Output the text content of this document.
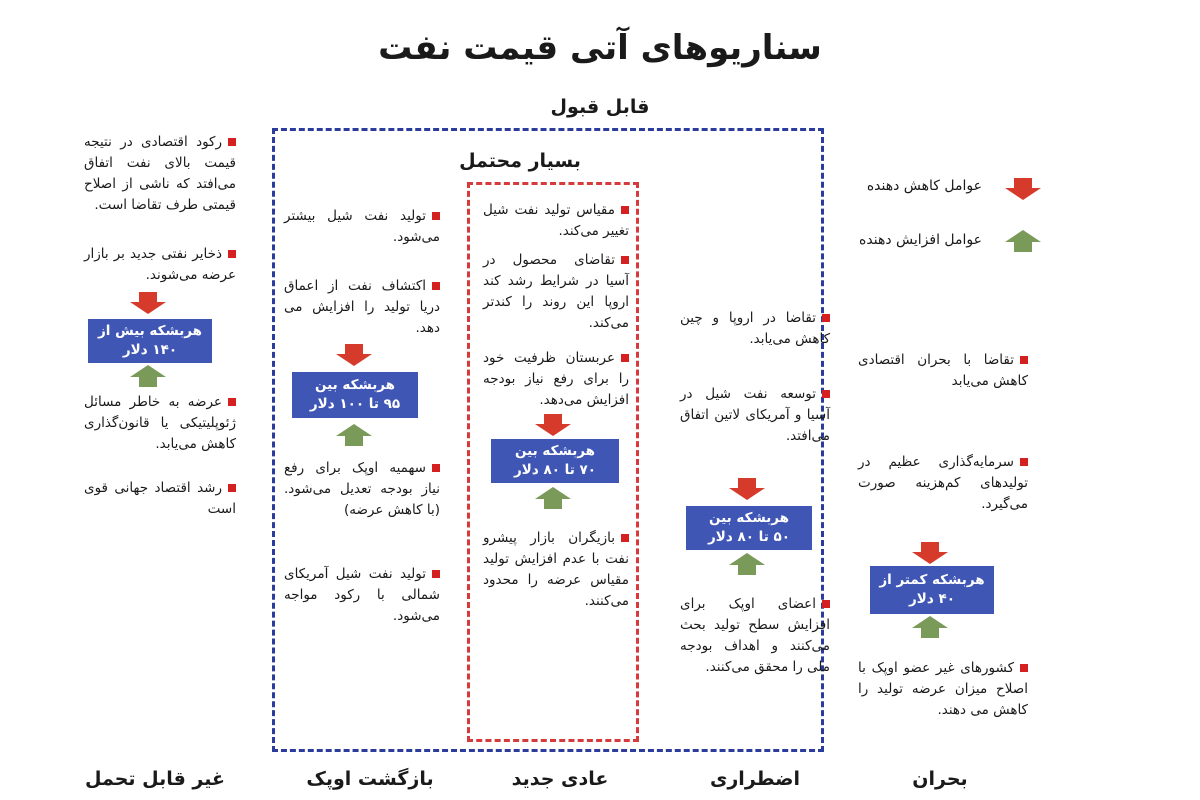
سناریوهای آتی قیمت نفت
قابل قبول
بسیار محتمل
عوامل کاهش دهنده
عوامل افزایش دهنده
تقاضا با بحران اقتصادی کاهش می‌یابد
سرمایه‌گذاری عظیم در تولیدهای کم‌هزینه صورت می‌گیرد.
هربشکه کمتر از
۴۰ دلار
کشورهای غیر عضو اوپک با اصلاح میزان عرضه تولید را کاهش می دهند.
بحران
تقاضا در اروپا و چین کاهش می‌یابد.
توسعه نفت شیل در آسیا و آمریکای لاتین اتفاق می‌افتد.
هربشکه بین
۵۰ تا ۸۰ دلار
اعضای اوپک برای افزایش سطح تولید بحث می‌کنند و اهداف بودجه ملی را محقق می‌کنند.
اضطراری
مقیاس تولید نفت شیل تغییر می‌کند.
تقاضای محصول در آسیا در شرایط رشد کند اروپا این روند را کندتر می‌کند.
عربستان ظرفیت خود را برای رفع نیاز بودجه افزایش می‌دهد.
هربشکه بین
۷۰ تا ۸۰ دلار
بازیگران بازار پیشرو نفت با عدم افزایش تولید مقیاس عرضه را محدود می‌کنند.
عادی جدید
تولید نفت شیل بیشتر می‌شود.
اکتشاف نفت از اعماق دریا تولید را افزایش می دهد.
هربشکه بین
۹۵ تا ۱۰۰ دلار
سهمیه اوپک برای رفع نیاز بودجه تعدیل می‌شود. (با کاهش عرضه)
تولید نفت شیل آمریکای شمالی با رکود مواجه می‌شود.
بازگشت اوپک
رکود اقتصادی در نتیجه قیمت بالای نفت اتفاق می‌افتد که ناشی از اصلاح قیمتی طرف تقاضا است.
ذخایر نفتی جدید بر بازار عرضه می‌شوند.
هربشکه بیش از
۱۴۰ دلار
عرضه به خاطر مسائل ژئوپلیتیکی یا قانون‌گذاری کاهش می‌یابد.
رشد اقتصاد جهانی قوی است
غیر قابل تحمل
